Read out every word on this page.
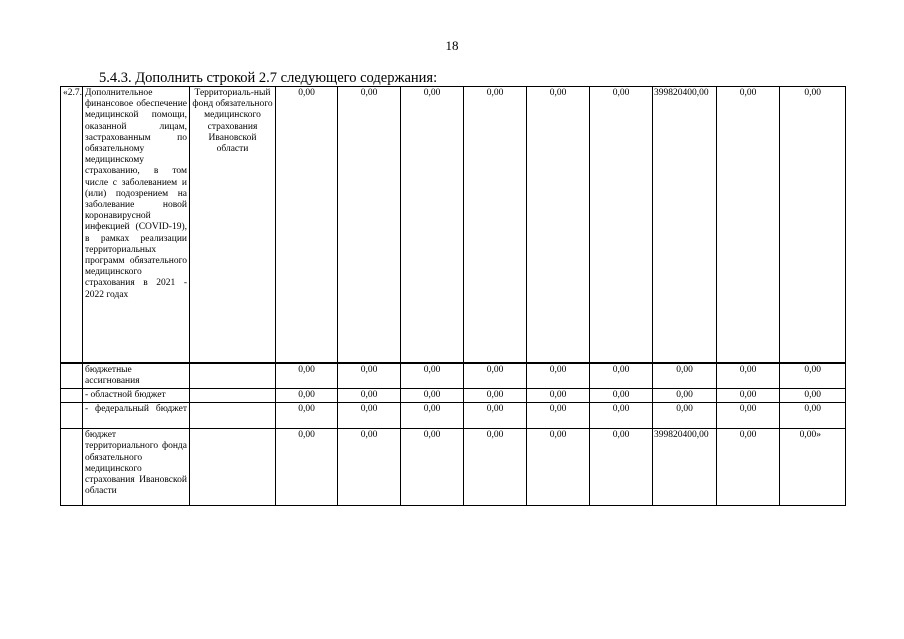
18
5.4.3. Дополнить строкой 2.7 следующего содержания:
«2.7.	Дополнительное финансовое обеспечение медицинской помощи, оказанной лицам, застрахованным по обязательному медицинскому страхованию, в том числе с заболеванием и (или) подозрением на заболевание новой коронавирусной инфекцией (COVID-19), в рамках реализации территориальных программ обязательного медицинского страхования в 2021 - 2022 годах	Территориаль-ный фонд обязательного медицинского страхования Ивановской области	0,00	0,00	0,00	0,00	0,00	0,00	399820400,00	0,00	0,00
	бюджетные ассигнования		0,00	0,00	0,00	0,00	0,00	0,00	0,00	0,00	0,00
	- областной бюджет		0,00	0,00	0,00	0,00	0,00	0,00	0,00	0,00	0,00

	- федеральный бюджет		0,00	0,00	0,00	0,00	0,00	0,00	0,00	0,00	0,00
	бюджет территориального фонда обязательного медицинского страхования Ивановской области		0,00	0,00	0,00	0,00	0,00	0,00	399820400,00	0,00	0,00»
